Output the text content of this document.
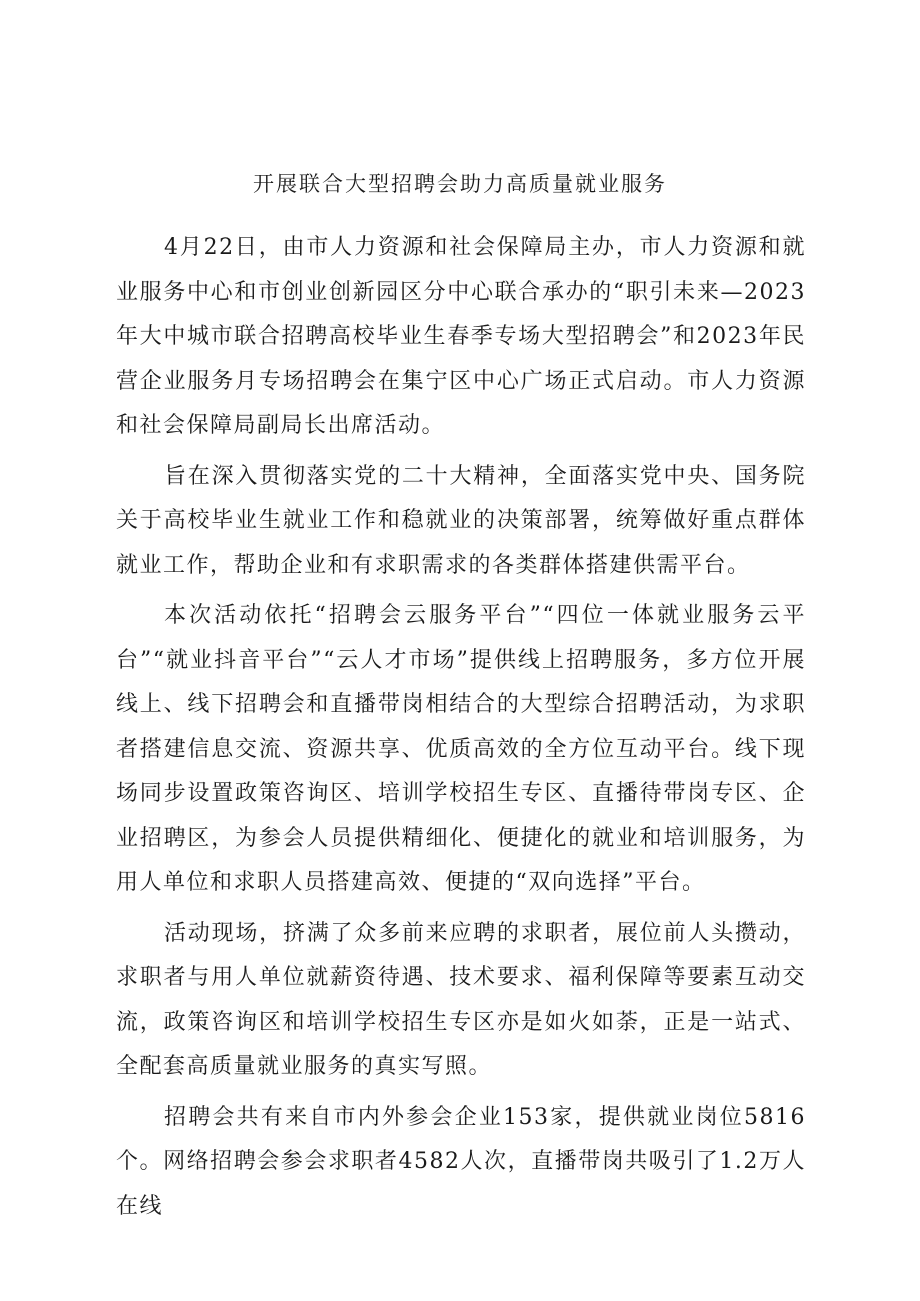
开展联合大型招聘会助力高质量就业服务

4月22日，由市人力资源和社会保障局主办，市人力资源和就业服务中心和市创业创新园区分中心联合承办的“职引未来—2023年大中城市联合招聘高校毕业生春季专场大型招聘会”和2023年民营企业服务月专场招聘会在集宁区中心广场正式启动。市人力资源和社会保障局副局长出席活动。

旨在深入贯彻落实党的二十大精神，全面落实党中央、国务院关于高校毕业生就业工作和稳就业的决策部署，统筹做好重点群体就业工作，帮助企业和有求职需求的各类群体搭建供需平台。

本次活动依托“招聘会云服务平台”“四位一体就业服务云平台”“就业抖音平台”“云人才市场”提供线上招聘服务，多方位开展线上、线下招聘会和直播带岗相结合的大型综合招聘活动，为求职者搭建信息交流、资源共享、优质高效的全方位互动平台。线下现场同步设置政策咨询区、培训学校招生专区、直播待带岗专区、企业招聘区，为参会人员提供精细化、便捷化的就业和培训服务，为用人单位和求职人员搭建高效、便捷的“双向选择”平台。

活动现场，挤满了众多前来应聘的求职者，展位前人头攒动，求职者与用人单位就薪资待遇、技术要求、福利保障等要素互动交流，政策咨询区和培训学校招生专区亦是如火如荼，正是一站式、全配套高质量就业服务的真实写照。

招聘会共有来自市内外参会企业153家，提供就业岗位5816个。网络招聘会参会求职者4582人次，直播带岗共吸引了1.2万人在线
